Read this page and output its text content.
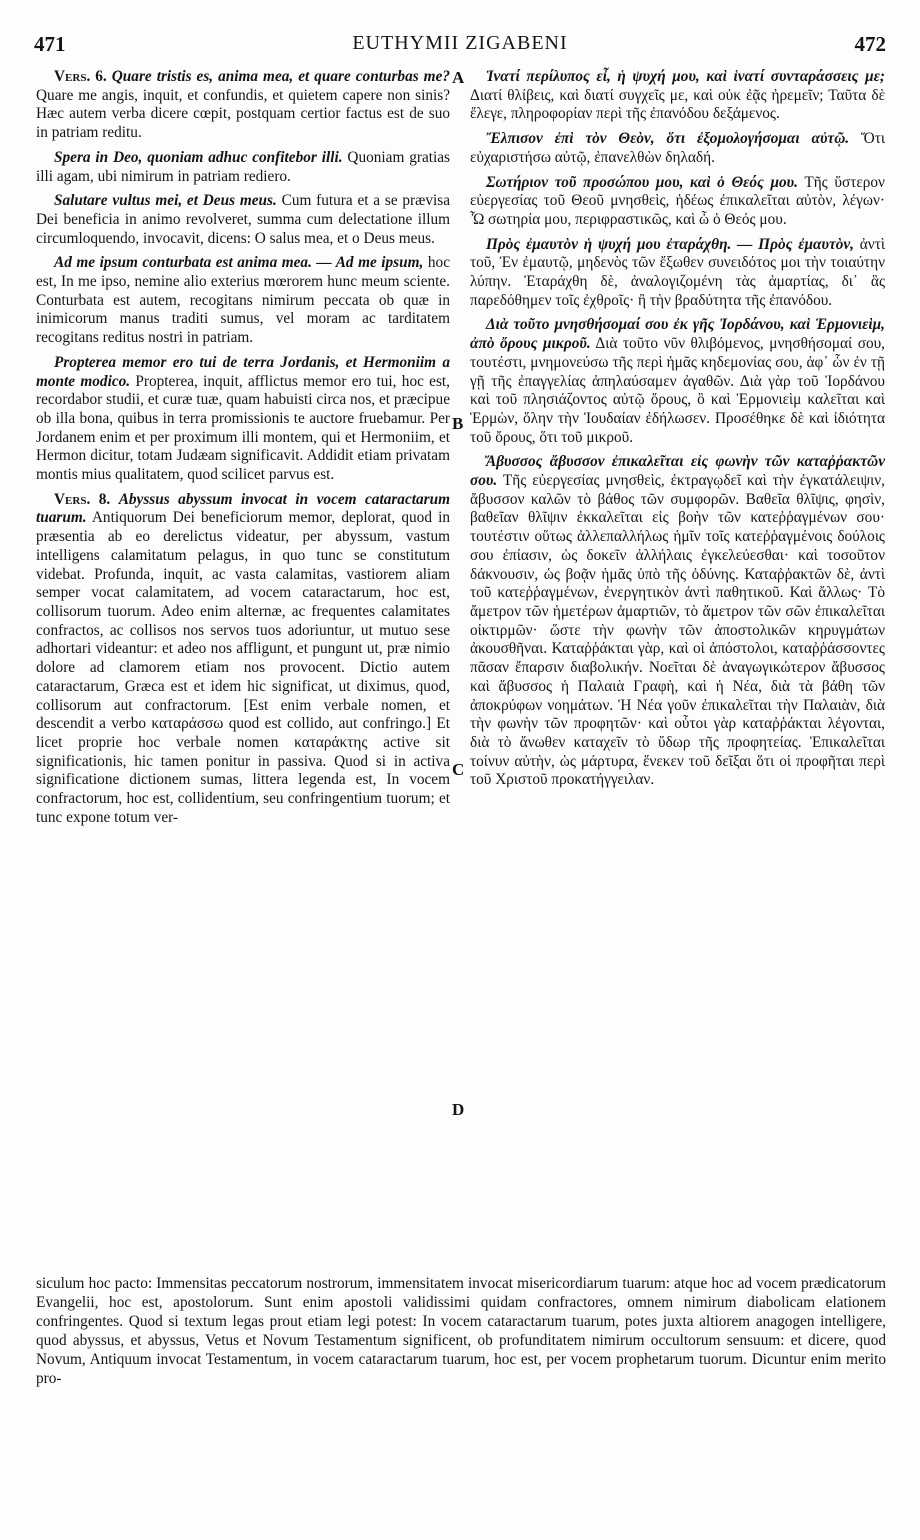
471	EUTHYMII ZIGABENI	472

Vers. 6. Quare tristis es, anima mea, et quare conturbas me? Quare me angis, inquit, et confundis, et quietem capere non sinis? Hæc autem verba dicere cœpit, postquam certior factus est de suo in patriam reditu.

Spera in Deo, quoniam adhuc confitebor illi. Quoniam gratias illi agam, ubi nimirum in patriam rediero.

Salutare vultus mei, et Deus meus. Cum futura et a se prævisa Dei beneficia in animo revolveret, summa cum delectatione illum circumloquendo, invocavit, dicens: O salus mea, et o Deus meus.

Ad me ipsum conturbata est anima mea. — Ad me ipsum, hoc est, In me ipso, nemine alio exterius mœrorem hunc meum sciente. Conturbata est autem, recogitans nimirum peccata ob quæ in inimicorum manus traditi sumus, vel moram ac tarditatem recogitans reditus nostri in patriam.

Propterea memor ero tui de terra Jordanis, et Hermoniim a monte modico. Propterea, inquit, afflictus memor ero tui, hoc est, recordabor studii, et curæ tuæ, quam habuisti circa nos, et præcipue ob illa bona, quibus in terra promissionis te auctore fruebamur. Per Jordanem enim et per proximum illi montem, qui et Hermoniim, et Hermon dicitur, totam Judæam significavit. Addidit etiam privatam montis mius qualitatem, quod scilicet parvus est.

Vers. 8. Abyssus abyssum invocat in vocem cataractarum tuarum. Antiquorum Dei beneficiorum memor, deplorat, quod in præsentia ab eo derelictus videatur, per abyssum, vastum intelligens calamitatum pelagus, in quo tunc se constitutum videbat. Profunda, inquit, ac vasta calamitas, vastiorem aliam semper vocat calamitatem, ad vocem cataractarum, hoc est, collisorum tuorum. Adeo enim alternæ, ac frequentes calamitates confractos, ac collisos nos servos tuos adoriuntur, ut mutuo sese adhortari videantur: et adeo nos affligunt, et pungunt ut, præ nimio dolore ad clamorem etiam nos provocent. Dictio autem cataractarum, Græca est et idem hic significat, ut diximus, quod, collisorum aut confractorum. [Est enim verbale nomen, et descendit a verbo καταράσσω quod est collido, aut confringo.] Et licet proprie hoc verbale nomen καταράκτης active sit significationis, hic tamen ponitur in passiva. Quod si in activa significatione dictionem sumas, littera legenda est, In vocem confractorum, hoc est, collidentium, seu confringentium tuorum; et tunc expone totum ver-

A
B
C
D

Ἱνατί περίλυπος εἶ, ἡ ψυχή μου, καὶ ἱνατί συνταράσσεις με; Διατί θλίβεις, καὶ διατί συγχεῖς με, καὶ οὐκ ἐᾷς ἠρεμεῖν; Ταῦτα δὲ ἔλεγε, πληροφορίαν περὶ τῆς ἐπανόδου δεξάμενος.

Ἔλπισον ἐπὶ τὸν Θεὸν, ὅτι ἐξομολογήσομαι αὐτῷ. Ὅτι εὐχαριστήσω αὐτῷ, ἐπανελθὼν δηλαδή.

Σωτήριον τοῦ προσώπου μου, καὶ ὁ Θεός μου. Τῆς ὕστερον εὐεργεσίας τοῦ Θεοῦ μνησθεὶς, ἡδέως ἐπικαλεῖται αὐτὸν, λέγων· Ὦ σωτηρία μου, περιφραστικῶς, καὶ ὦ ὁ Θεός μου.

Πρὸς ἐμαυτὸν ἡ ψυχή μου ἐταράχθη. — Πρὸς ἐμαυτὸν, ἀντὶ τοῦ, Ἐν ἐμαυτῷ, μηδενὸς τῶν ἔξωθεν συνειδότος μοι τὴν τοιαύτην λύπην. Ἐταράχθη δὲ, ἀναλογιζομένη τὰς ἁμαρτίας, δι᾽ ἃς παρεδόθημεν τοῖς ἐχθροῖς· ἢ τὴν βραδύτητα τῆς ἐπανόδου.

Διὰ τοῦτο μνησθήσομαί σου ἐκ γῆς Ἰορδάνου, καὶ Ἑρμονιεὶμ, ἀπὸ ὄρους μικροῦ. Διὰ τοῦτο νῦν θλιβόμενος, μνησθήσομαί σου, τουτέστι, μνημονεύσω τῆς περὶ ἡμᾶς κηδεμονίας σου, ἀφ᾽ ὧν ἐν τῇ γῇ τῆς ἐπαγγελίας ἀπηλαύσαμεν ἀγαθῶν. Διὰ γὰρ τοῦ Ἰορδάνου καὶ τοῦ πλησιάζοντος αὐτῷ ὄρους, ὃ καὶ Ἑρμονιεὶμ καλεῖται καὶ Ἑρμὼν, ὅλην τὴν Ἰουδαίαν ἐδήλωσεν. Προσέθηκε δὲ καὶ ἰδιότητα τοῦ ὄρους, ὅτι τοῦ μικροῦ.

Ἄβυσσος ἄβυσσον ἐπικαλεῖται εἰς φωνὴν τῶν καταῤῥακτῶν σου. Τῆς εὐεργεσίας μνησθεὶς, ἐκτραγῳδεῖ καὶ τὴν ἐγκατάλειψιν, ἄβυσσον καλῶν τὸ βάθος τῶν συμφορῶν. Βαθεῖα θλῖψις, φησὶν, βαθεῖαν θλῖψιν ἐκκαλεῖται εἰς βοὴν τῶν κατεῤῥαγμένων σου· τουτέστιν οὕτως ἀλλεπαλλήλως ἡμῖν τοῖς κατεῤῥαγμένοις δούλοις σου ἐπίασιν, ὡς δοκεῖν ἀλλήλαις ἐγκελεύεσθαι· καὶ τοσοῦτον δάκνουσιν, ὡς βοᾷν ἡμᾶς ὑπὸ τῆς ὀδύνης. Καταῤῥακτῶν δὲ, ἀντὶ τοῦ κατεῤῥαγμένων, ἐνεργητικὸν ἀντὶ παθητικοῦ. Καὶ ἄλλως· Τὸ ἄμετρον τῶν ἡμετέρων ἁμαρτιῶν, τὸ ἄμετρον τῶν σῶν ἐπικαλεῖται οἰκτιρμῶν· ὥστε τὴν φωνὴν τῶν ἀποστολικῶν κηρυγμάτων ἀκουσθῆναι. Καταῤῥάκται γὰρ, καὶ οἱ ἀπόστολοι, καταῤῥάσσοντες πᾶσαν ἔπαρσιν διαβολικήν. Νοεῖται δὲ ἀναγωγικώτερον ἄβυσσος καὶ ἄβυσσος ἡ Παλαιὰ Γραφὴ, καὶ ἡ Νέα, διὰ τὰ βάθη τῶν ἀποκρύφων νοημάτων. Ἡ Νέα γοῦν ἐπικαλεῖται τὴν Παλαιὰν, διὰ τὴν φωνὴν τῶν προφητῶν· καὶ οὗτοι γὰρ καταῤῥάκται λέγονται, διὰ τὸ ἄνωθεν καταχεῖν τὸ ὕδωρ τῆς προφητείας. Ἐπικαλεῖται τοίνυν αὐτὴν, ὡς μάρτυρα, ἕνεκεν τοῦ δεῖξαι ὅτι οἱ προφῆται περὶ τοῦ Χριστοῦ προκατήγγειλαν.

siculum hoc pacto: Immensitas peccatorum nostrorum, immensitatem invocat misericordiarum tuarum: atque hoc ad vocem prædicatorum Evangelii, hoc est, apostolorum. Sunt enim apostoli validissimi quidam confractores, omnem nimirum diabolicam elationem confringentes. Quod si textum legas prout etiam legi potest: In vocem cataractarum tuarum, potes juxta altiorem anagogen intelligere, quod abyssus, et abyssus, Vetus et Novum Testamentum significent, ob profunditatem nimirum occultorum sensuum: et dicere, quod Novum, Antiquum invocat Testamentum, in vocem cataractarum tuarum, hoc est, per vocem prophetarum tuorum. Dicuntur enim merito pro-
